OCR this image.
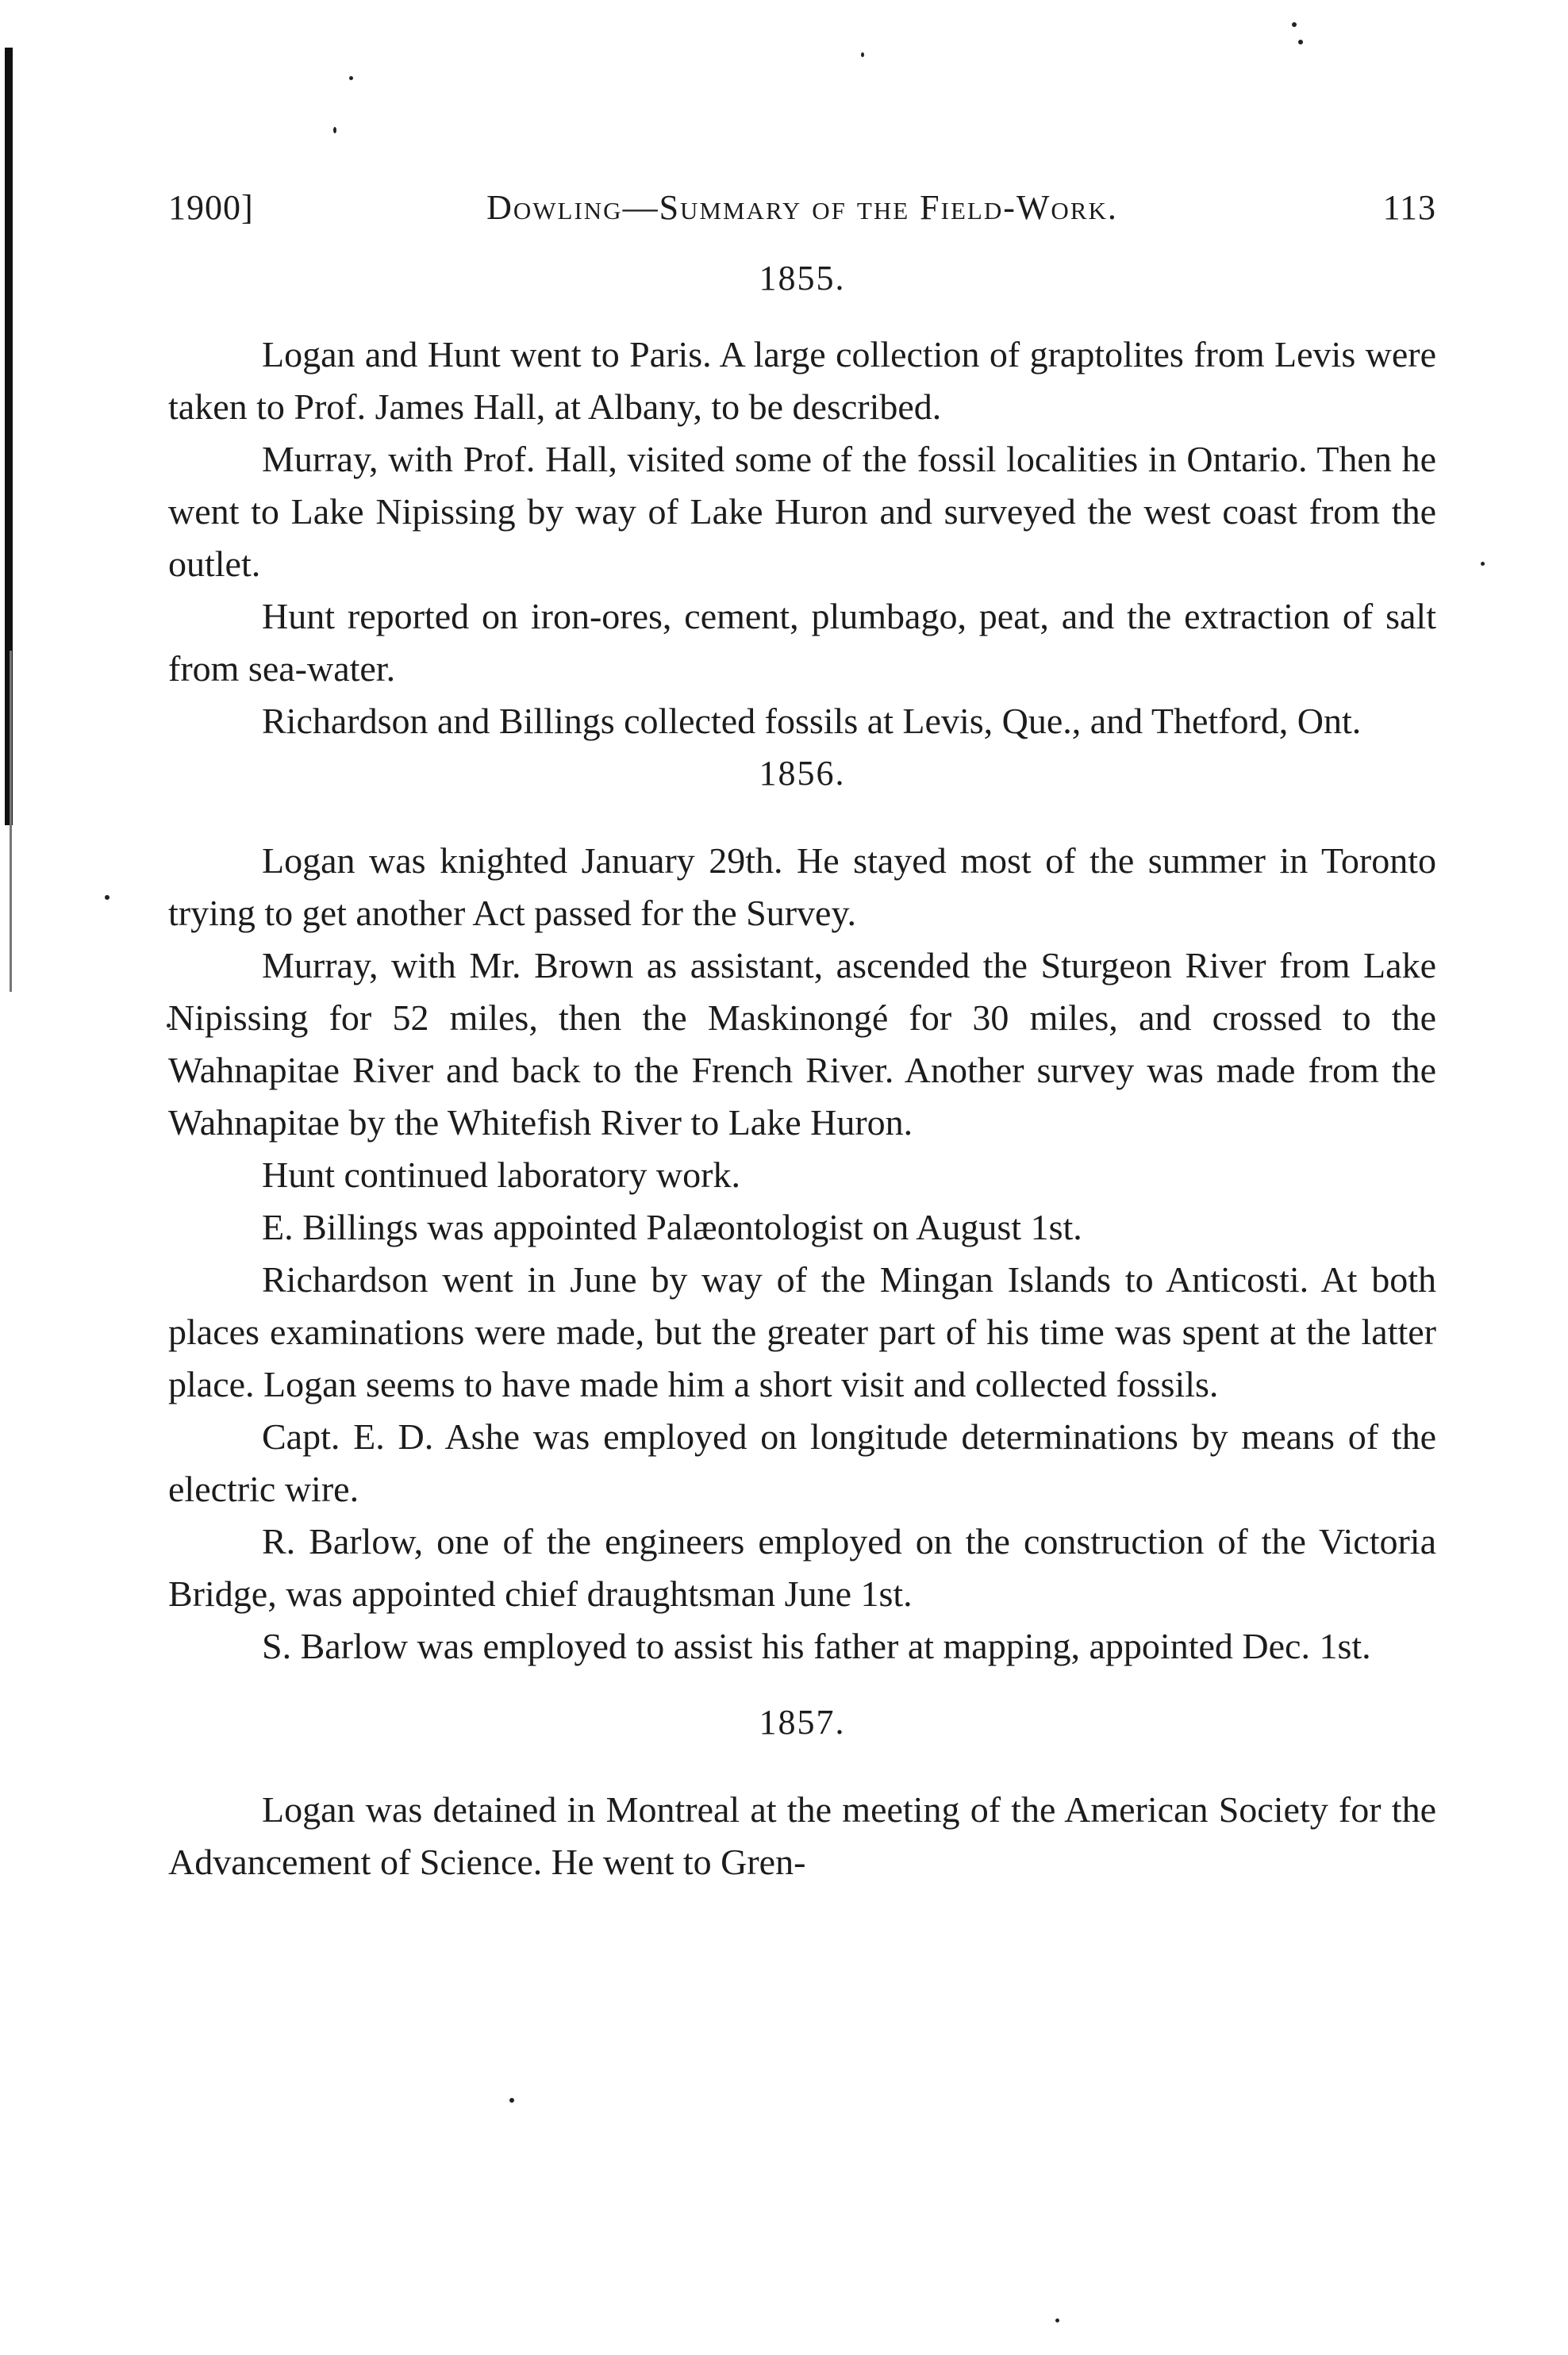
1900]	Dowling—Summary of the Field-Work.	113
1855.

Logan and Hunt went to Paris. A large collection of graptolites from Levis were taken to Prof. James Hall, at Albany, to be described.

Murray, with Prof. Hall, visited some of the fossil localities in Ontario. Then he went to Lake Nipissing by way of Lake Huron and surveyed the west coast from the outlet.

Hunt reported on iron-ores, cement, plumbago, peat, and the extraction of salt from sea-water.

Richardson and Billings collected fossils at Levis, Que., and Thetford, Ont.

1856.

Logan was knighted January 29th. He stayed most of the summer in Toronto trying to get another Act passed for the Survey.

Murray, with Mr. Brown as assistant, ascended the Sturgeon River from Lake Nipissing for 52 miles, then the Maskinongé for 30 miles, and crossed to the Wahnapitae River and back to the French River. Another survey was made from the Wahnapitae by the Whitefish River to Lake Huron.

Hunt continued laboratory work.

E. Billings was appointed Palæontologist on August 1st.

Richardson went in June by way of the Mingan Islands to Anticosti. At both places examinations were made, but the greater part of his time was spent at the latter place. Logan seems to have made him a short visit and collected fossils.

Capt. E. D. Ashe was employed on longitude determinations by means of the electric wire.

R. Barlow, one of the engineers employed on the construction of the Victoria Bridge, was appointed chief draughtsman June 1st.

S. Barlow was employed to assist his father at mapping, appointed Dec. 1st.

1857.

Logan was detained in Montreal at the meeting of the American Society for the Advancement of Science. He went to Gren-
